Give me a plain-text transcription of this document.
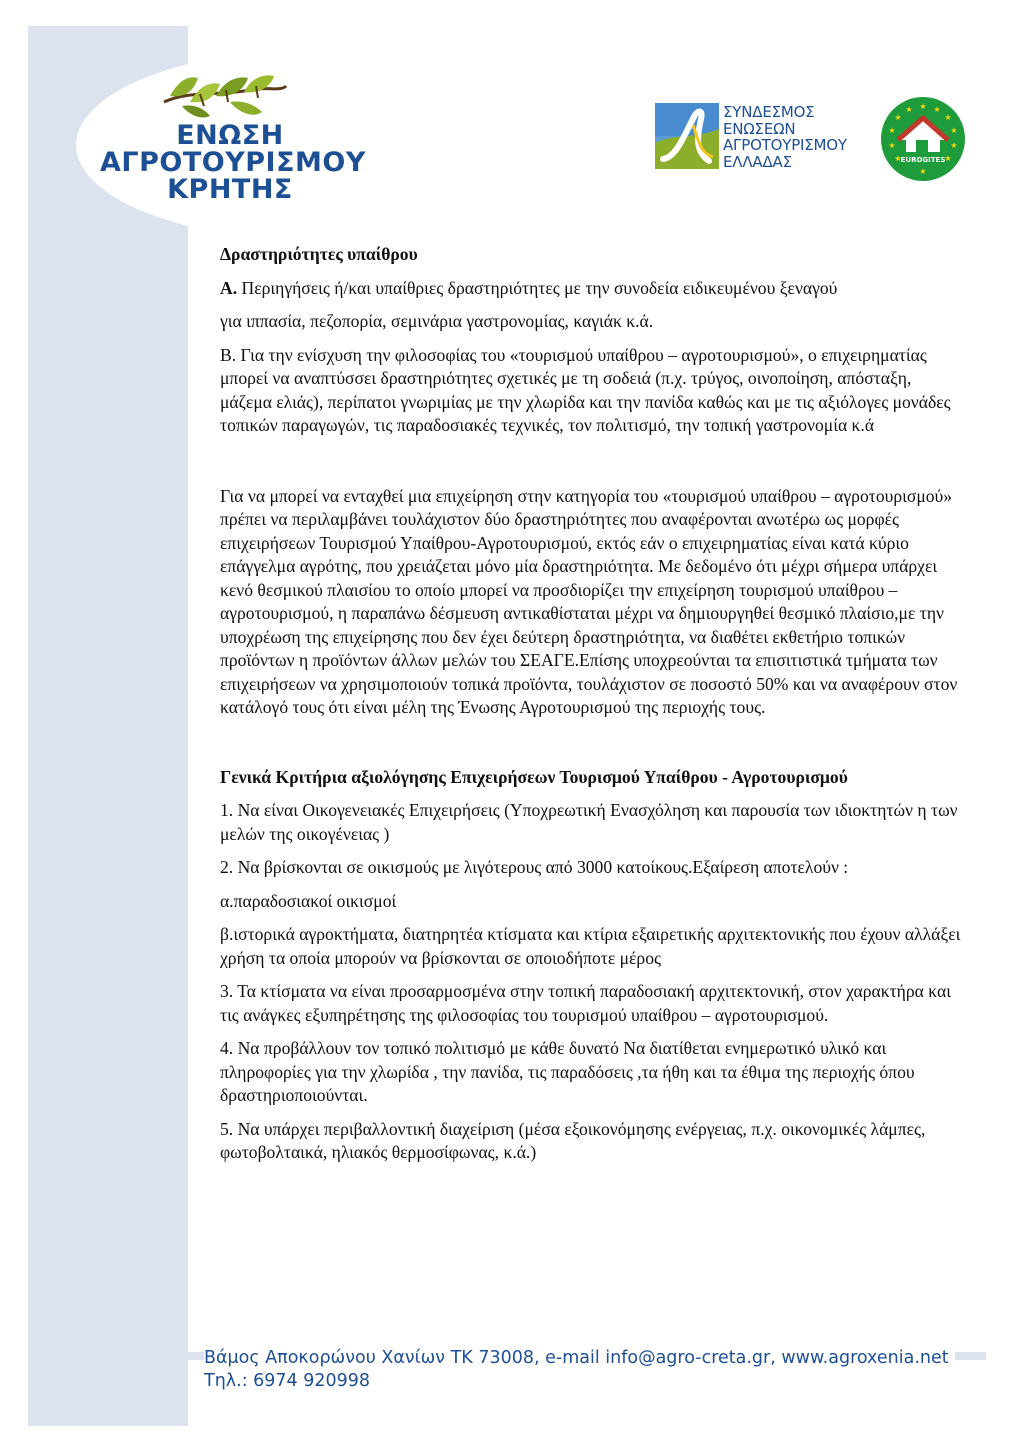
ΕΝΩΣΗ
ΑΓΡΟΤΟΥΡΙΣΜΟΥ
ΚΡΗΤΗΣ
ΣΥΝΔΕΣΜΟΣ
ΕΝΩΣΕΩΝ
ΑΓΡΟΤΟΥΡΙΣΜΟΥ
ΕΛΛΑΔΑΣ
★ ★
★
★
★
★
★
★
★
★	★
★
EUROGITES

Δραστηριότητες υπαίθρου

Α. Περιηγήσεις ή/και υπαίθριες δραστηριότητες με την συνοδεία ειδικευμένου ξεναγού

για ιππασία, πεζοπορία, σεμινάρια γαστρονομίας, καγιάκ κ.ά.

Β. Για την ενίσχυση την φιλοσοφίας του «τουρισμού υπαίθρου – αγροτουρισμού», ο επιχειρηματίας μπορεί να αναπτύσσει δραστηριότητες σχετικές με τη σοδειά (π.χ. τρύγος, οινοποίηση, απόσταξη, μάζεμα ελιάς), περίπατοι γνωριμίας με την χλωρίδα και την πανίδα καθώς και με τις αξιόλογες μονάδες τοπικών παραγωγών, τις παραδοσιακές τεχνικές, τον πολιτισμό, την τοπική γαστρονομία κ.ά

Για να μπορεί να ενταχθεί μια επιχείρηση στην κατηγορία του «τουρισμού υπαίθρου – αγροτουρισμού» πρέπει να περιλαμβάνει τουλάχιστον δύο δραστηριότητες που αναφέρονται ανωτέρω ως μορφές επιχειρήσεων Τουρισμού Υπαίθρου-Αγροτουρισμού, εκτός εάν ο επιχειρηματίας είναι κατά κύριο επάγγελμα αγρότης, που χρειάζεται μόνο μία δραστηριότητα. Με δεδομένο ότι μέχρι σήμερα υπάρχει κενό θεσμικού πλαισίου το οποίο μπορεί να προσδιορίζει την επιχείρηση τουρισμού υπαίθρου – αγροτουρισμού, η παραπάνω δέσμευση αντικαθίσταται μέχρι να δημιουργηθεί θεσμικό πλαίσιο,με την υποχρέωση της επιχείρησης που δεν έχει δεύτερη δραστηριότητα, να διαθέτει εκθετήριο τοπικών προϊόντων η προϊόντων άλλων μελών του ΣΕΑΓΕ.Επίσης υποχρεούνται τα επισιτιστικά τμήματα των επιχειρήσεων να χρησιμοποιούν τοπικά προϊόντα, τουλάχιστον σε ποσοστό 50% και να αναφέρουν στον κατάλογό τους ότι είναι μέλη της Ένωσης Αγροτουρισμού της περιοχής τους.

Γενικά Κριτήρια αξιολόγησης Επιχειρήσεων Τουρισμού Υπαίθρου - Αγροτουρισμού

1. Να είναι Οικογενειακές Επιχειρήσεις (Υποχρεωτική Ενασχόληση και παρουσία των ιδιοκτητών η των μελών της οικογένειας )

2. Να βρίσκονται σε οικισμούς με λιγότερους από 3000 κατοίκους.Εξαίρεση αποτελούν :

α.παραδοσιακοί οικισμοί

β.ιστορικά αγροκτήματα, διατηρητέα κτίσματα και κτίρια εξαιρετικής αρχιτεκτονικής που έχουν αλλάξει χρήση τα οποία μπορούν να βρίσκονται σε οποιοδήποτε μέρος

3. Τα κτίσματα να είναι προσαρμοσμένα στην τοπική παραδοσιακή αρχιτεκτονική, στον χαρακτήρα και τις ανάγκες εξυπηρέτησης της φιλοσοφίας του τουρισμού υπαίθρου – αγροτουρισμού.

4. Να προβάλλουν τον τοπικό πολιτισμό με κάθε δυνατό Να διατίθεται ενημερωτικό υλικό και πληροφορίες για την χλωρίδα , την πανίδα, τις παραδόσεις ,τα ήθη και τα έθιμα της περιοχής όπου δραστηριοποιούνται.

5. Να υπάρχει περιβαλλοντική διαχείριση (μέσα εξοικονόμησης ενέργειας, π.χ. οικονομικές λάμπες, φωτοβολταικά, ηλιακός θερμοσίφωνας, κ.ά.)

Βάμος Αποκορώνου Χανίων ΤΚ 73008, e-mail info@agro-creta.gr, www.agroxenia.net
Τηλ.: 6974 920998
